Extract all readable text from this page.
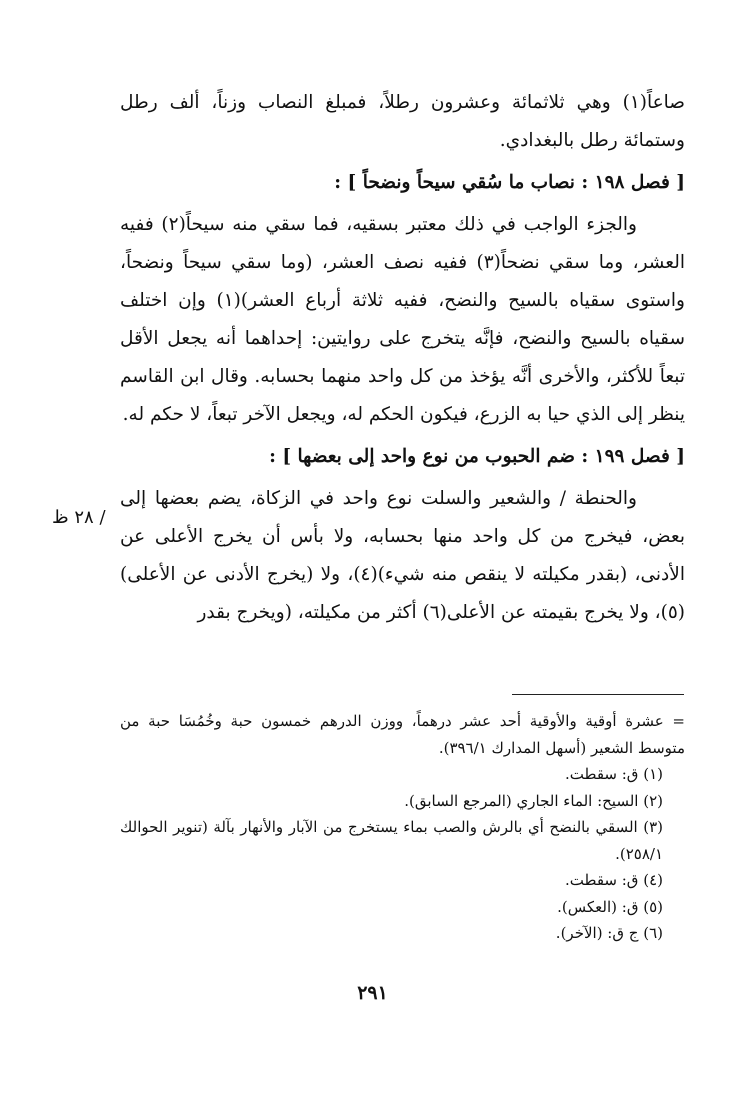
صاعاً(١) وهي ثلاثمائة وعشرون رطلاً، فمبلغ النصاب وزناً، ألف رطل وستمائة رطل بالبغدادي.

[ فصل ١٩٨ : نصاب ما سُقي سيحاً ونضحاً ] :

والجزء الواجب في ذلك معتبر بسقيه، فما سقي منه سيحاً(٢) ففيه العشر، وما سقي نضحاً(٣) ففيه نصف العشر، (وما سقي سيحاً ونضحاً، واستوى سقياه بالسيح والنضح، ففيه ثلاثة أرباع العشر)(١) وإن اختلف سقياه بالسيح والنضح، فإنَّه يتخرج على روايتين: إحداهما أنه يجعل الأقل تبعاً للأكثر، والأخرى أنَّه يؤخذ من كل واحد منهما بحسابه. وقال ابن القاسم ينظر إلى الذي حيا به الزرع، فيكون الحكم له، ويجعل الآخر تبعاً، لا حكم له.

[ فصل ١٩٩ : ضم الحبوب من نوع واحد إلى بعضها ] :

والحنطة / والشعير والسلت نوع واحد في الزكاة، يضم بعضها إلى بعض، فيخرج من كل واحد منها بحسابه، ولا بأس أن يخرج الأعلى عن الأدنى، (بقدر مكيلته لا ينقص منه شيء)(٤)، ولا (يخرج الأدنى عن الأعلى)(٥)، ولا يخرج بقيمته عن الأعلى(٦) أكثر من مكيلته، (ويخرج بقدر

/ ٢٨ ظ

= عشرة أوقية والأوقية أحد عشر درهماً، ووزن الدرهم خمسون حبة وخُمُسَا حبة من متوسط الشعير (أسهل المدارك ٣٩٦/١).

(١) ق: سقطت.

(٢) السيح: الماء الجاري (المرجع السابق).

(٣) السقي بالنضح أي بالرش والصب بماء يستخرج من الآبار والأنهار بآلة (تنوير الحوالك ٢٥٨/١).

(٤) ق: سقطت.

(٥) ق: (العكس).

(٦) ج ق: (الآخر).

٢٩١
